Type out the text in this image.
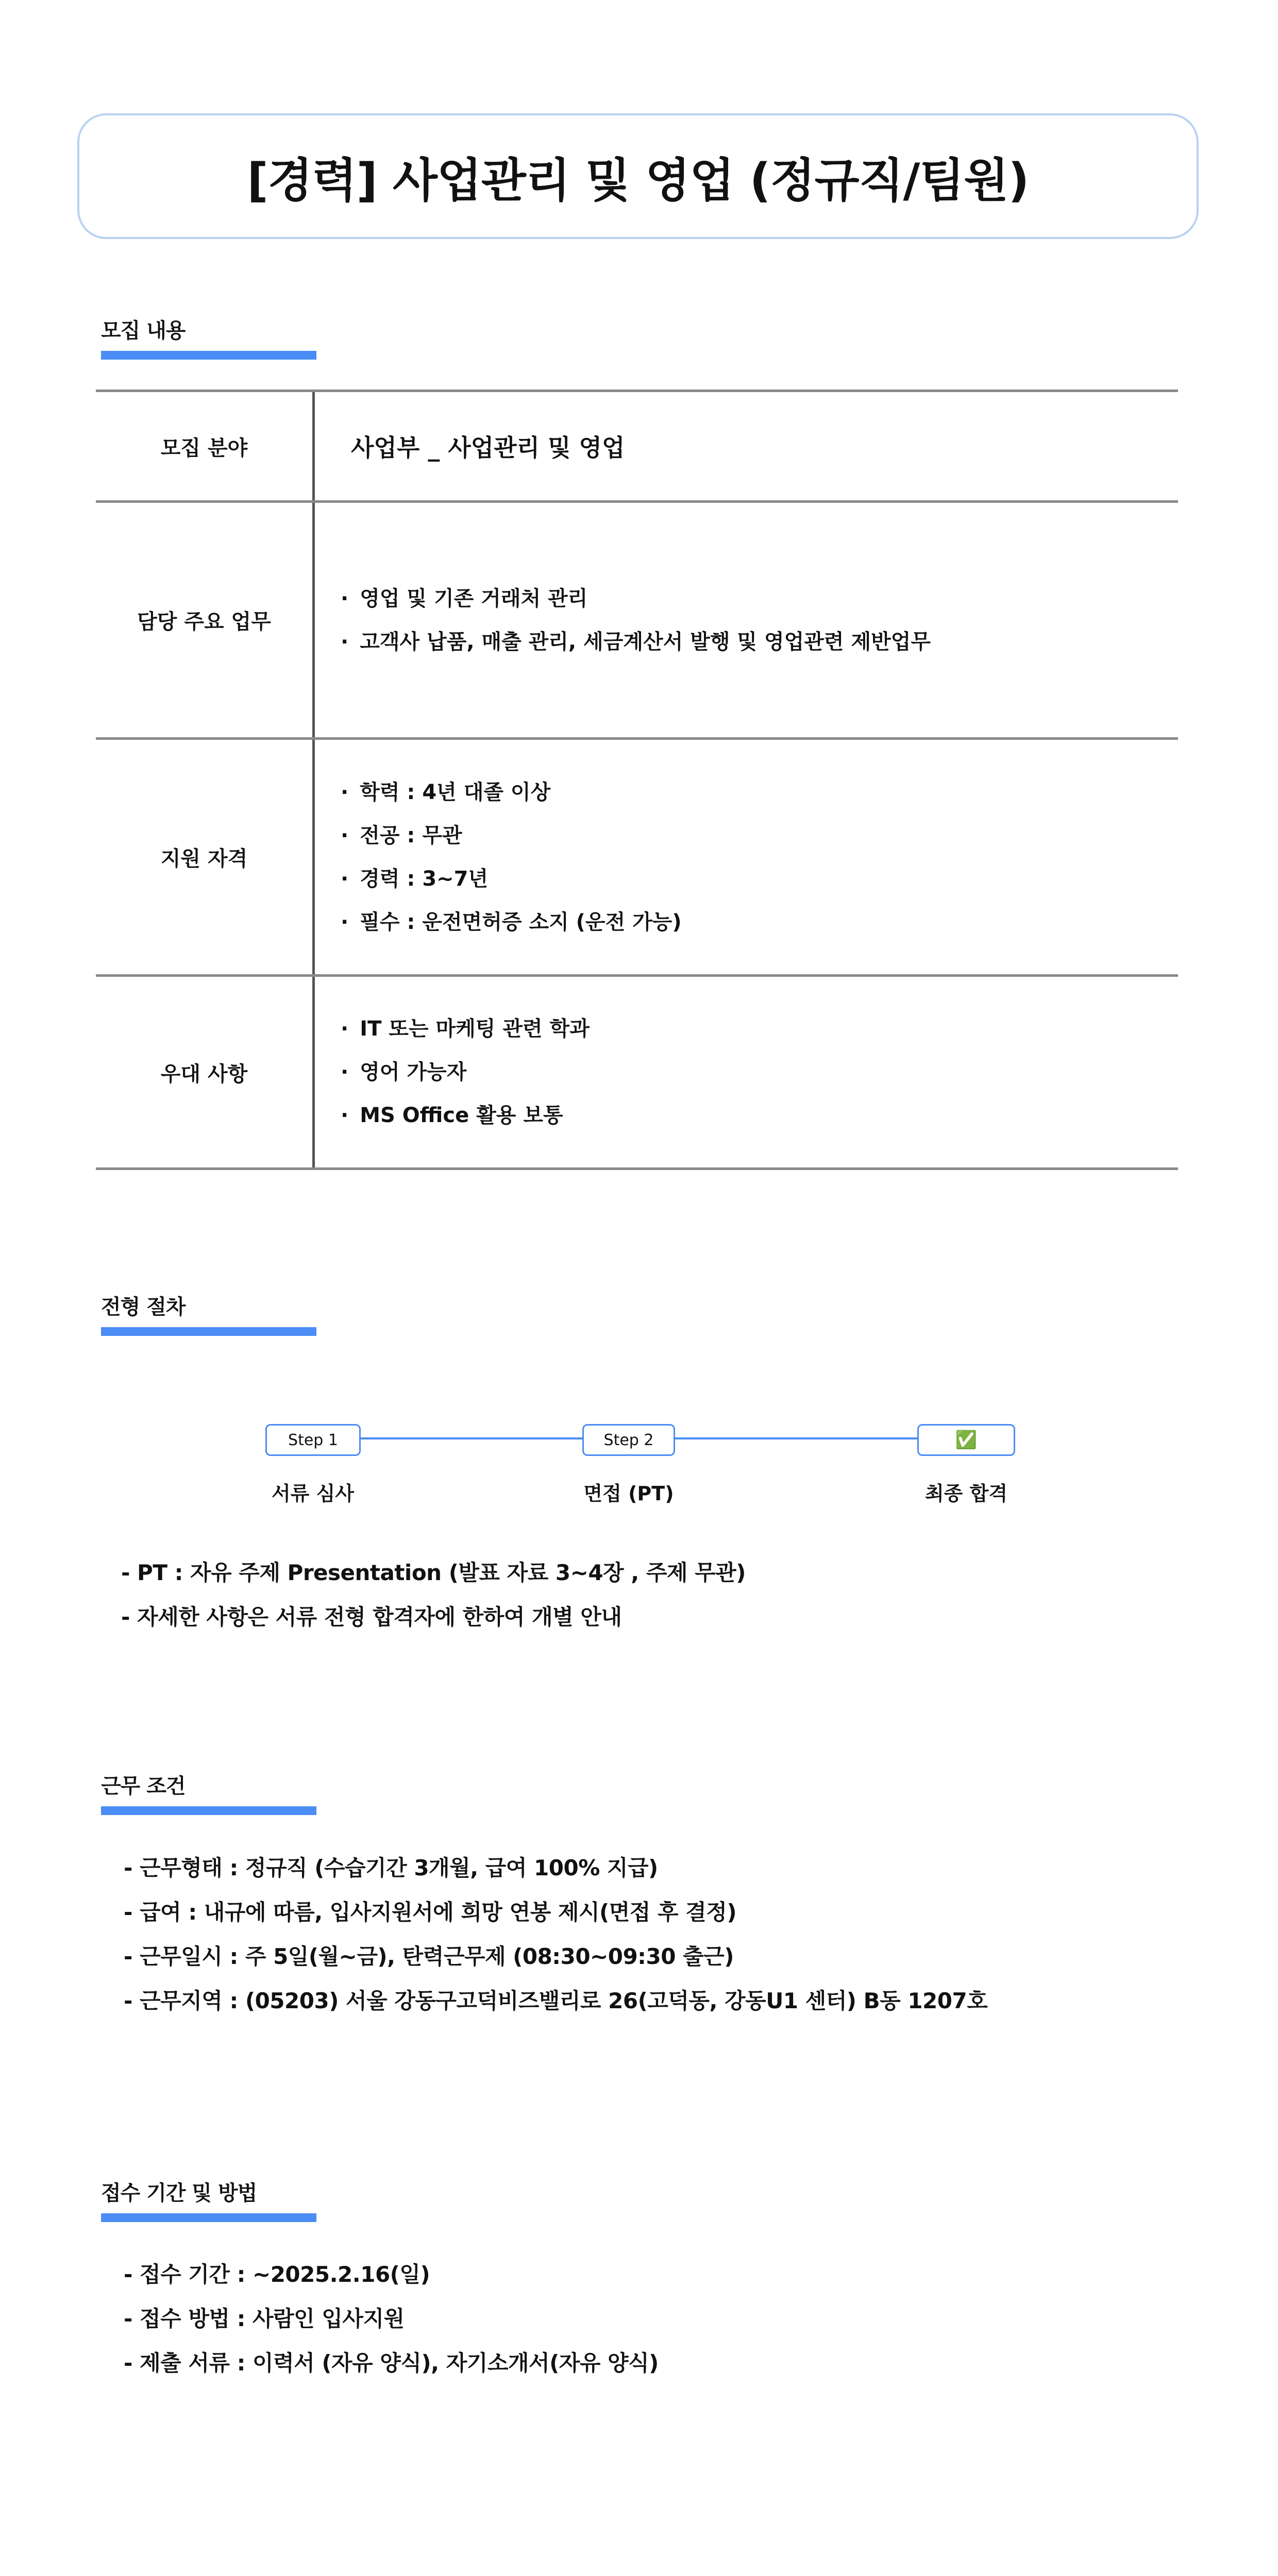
[경력] 사업관리 및 영업 (정규직/팀원)
모집 내용
모집 분야	사업부 _ 사업관리 및 영업
담당 주요 업무
· 영업 및 기존 거래처 관리
· 고객사 납품, 매출 관리, 세금계산서 발행 및 영업관련 제반업무
지원 자격
· 학력 : 4년 대졸 이상
· 전공 : 무관
· 경력 : 3~7년
· 필수 : 운전면허증 소지 (운전 가능)
우대 사항
· IT 또는 마케팅 관련 학과
· 영어 가능자
· MS Office 활용 보통
전형 절차
Step 1	Step 2	✅
서류 심사	면접 (PT)	최종 합격
- PT : 자유 주제 Presentation (발표 자료 3~4장 , 주제 무관)
- 자세한 사항은 서류 전형 합격자에 한하여 개별 안내
근무 조건
- 근무형태 : 정규직 (수습기간 3개월, 급여 100% 지급)
- 급여 : 내규에 따름, 입사지원서에 희망 연봉 제시(면접 후 결정)
- 근무일시 : 주 5일(월~금), 탄력근무제 (08:30~09:30 출근)
- 근무지역 : (05203) 서울 강동구고덕비즈밸리로 26(고덕동, 강동U1 센터) B동 1207호
접수 기간 및 방법
- 접수 기간 : ~2025.2.16(일)
- 접수 방법 : 사람인 입사지원
- 제출 서류 : 이력서 (자유 양식), 자기소개서(자유 양식)
